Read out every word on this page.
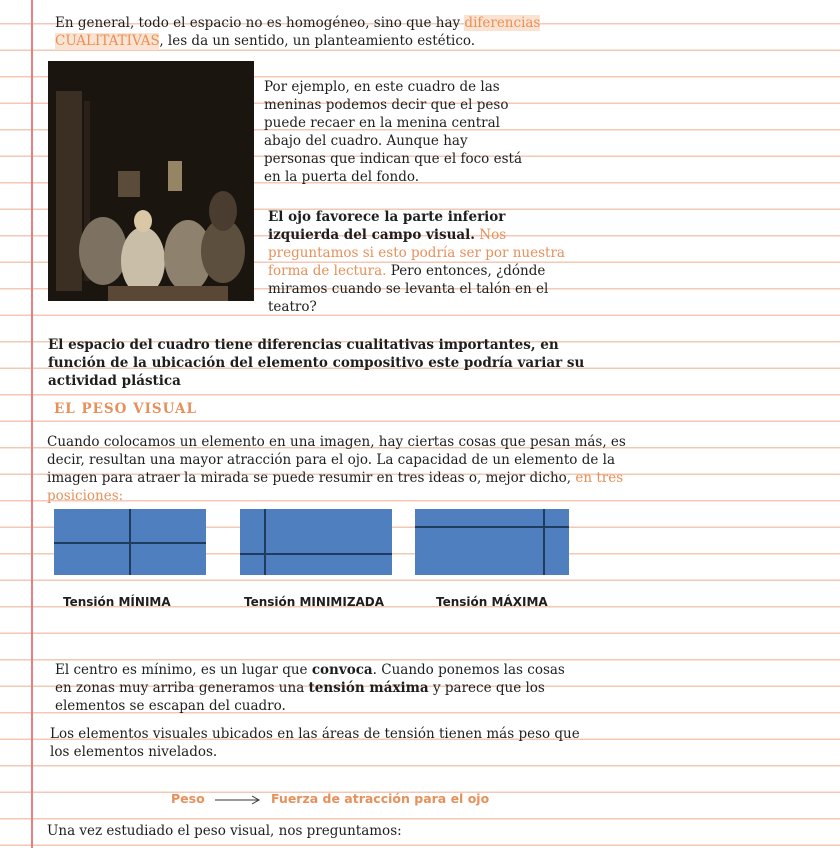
En general, todo el espacio no es homogéneo, sino que hay diferencias CUALITATIVAS, les da un sentido, un planteamiento estético.

Por ejemplo, en este cuadro de las
meninas podemos decir que el peso
puede recaer en la menina central
abajo del cuadro. Aunque hay
personas que indican que el foco está
en la puerta del fondo.

El ojo favorece la parte inferior izquierda del campo visual. Nos preguntamos si esto podría ser por nuestra forma de lectura. Pero entonces, ¿dónde miramos cuando se levanta el talón en el teatro?

El espacio del cuadro tiene diferencias cualitativas importantes, en función de la ubicación del elemento compositivo este podría variar su actividad plástica

EL PESO VISUAL

Cuando colocamos un elemento en una imagen, hay ciertas cosas que pesan más, es decir, resultan una mayor atracción para el ojo. La capacidad de un elemento de la imagen para atraer la mirada se puede resumir en tres ideas o, mejor dicho, en tres posiciones:

Tensión MÍNIMA	Tensión MINIMIZADA	Tensión MÁXIMA

El centro es mínimo, es un lugar que convoca. Cuando ponemos las cosas en zonas muy arriba generamos una tensión máxima y parece que los elementos se escapan del cuadro.

Los elementos visuales ubicados en las áreas de tensión tienen más peso que los elementos nivelados.

Peso	Fuerza de atracción para el ojo

Una vez estudiado el peso visual, nos preguntamos:
